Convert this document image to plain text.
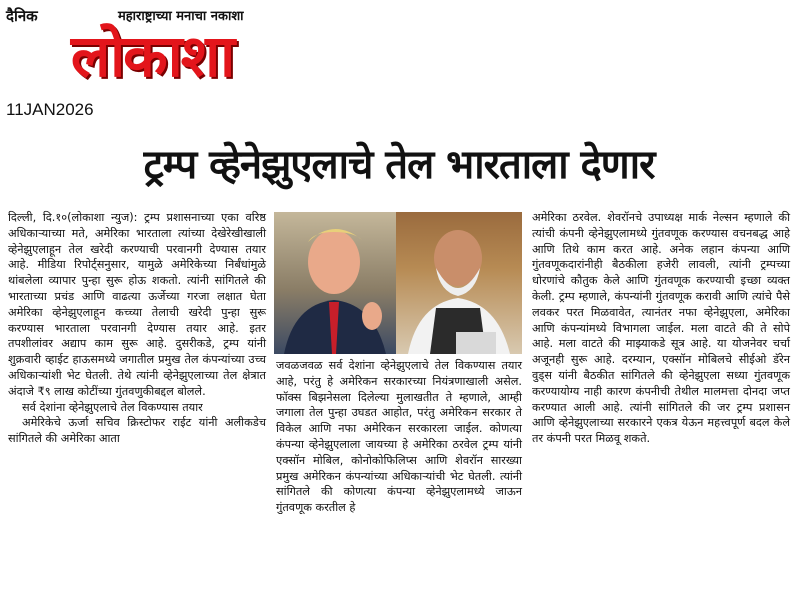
दैनिक	महाराष्ट्राच्या मनाचा नकाशा
लोकाशा
11JAN2026
ट्रम्प व्हेनेझुएलाचे तेल भारताला देणार

दिल्ली, दि.१०(लोकाशा न्युज): ट्रम्प प्रशासनाच्या एका वरिष्ठ अधिकाऱ्याच्या मते, अमेरिका भारताला त्यांच्या देखेरेखीखाली व्हेनेझुएलाहून तेल खरेदी करण्याची परवानगी देण्यास तयार आहे. मीडिया रिपोर्ट्सनुसार, यामुळे अमेरिकेच्या निर्बंधांमुळे थांबलेला व्यापार पुन्हा सुरू होऊ शकतो. त्यांनी सांगितले की भारताच्या प्रचंड आणि वाढत्या ऊर्जेच्या गरजा लक्षात घेता अमेरिका व्हेनेझुएलाहून कच्च्या तेलाची खरेदी पुन्हा सुरू करण्यास भारताला परवानगी देण्यास तयार आहे. इतर तपशीलांवर अद्याप काम सुरू आहे. दुसरीकडे, ट्रम्प यांनी शुक्रवारी व्हाईट हाऊसमध्ये जगातील प्रमुख तेल कंपन्यांच्या उच्च अधिकाऱ्यांशी भेट घेतली. तेथे त्यांनी व्हेनेझुएलाच्या तेल क्षेत्रात अंदाजे ₹९ लाख कोटींच्या गुंतवणुकीबद्दल बोलले.

सर्व देशांना व्हेनेझुएलाचे तेल विकण्यास तयार

अमेरिकेचे ऊर्जा सचिव क्रिस्टोफर राईट यांनी अलीकडेच सांगितले की अमेरिका आता

जवळजवळ सर्व देशांना व्हेनेझुएलाचे तेल विकण्यास तयार आहे, परंतु हे अमेरिकन सरकारच्या नियंत्रणाखाली असेल. फॉक्स बिझनेसला दिलेल्या मुलाखतीत ते म्हणाले, आम्ही जगाला तेल पुन्हा उघडत आहोत, परंतु अमेरिकन सरकार ते विकेल आणि नफा अमेरिकन सरकारला जाईल. कोणत्या कंपन्या व्हेनेझुएलाला जायच्या हे अमेरिका ठरवेल ट्रम्प यांनी एक्सॉन मोबिल, कोनोकोफिलिप्स आणि शेवरॉन सारख्या प्रमुख अमेरिकन कंपन्यांच्या अधिकाऱ्यांची भेट घेतली. त्यांनी सांगितले की कोणत्या कंपन्या व्हेनेझुएलामध्ये जाऊन गुंतवणूक करतील हे

अमेरिका ठरवेल. शेवरॉनचे उपाध्यक्ष मार्क नेल्सन म्हणाले की त्यांची कंपनी व्हेनेझुएलामध्ये गुंतवणूक करण्यास वचनबद्ध आहे आणि तिथे काम करत आहे. अनेक लहान कंपन्या आणि गुंतवणूकदारांनीही बैठकीला हजेरी लावली, त्यांनी ट्रम्पच्या धोरणांचे कौतुक केले आणि गुंतवणूक करण्याची इच्छा व्यक्त केली. ट्रम्प म्हणाले, कंपन्यांनी गुंतवणूक करावी आणि त्यांचे पैसे लवकर परत मिळवावेत, त्यानंतर नफा व्हेनेझुएला, अमेरिका आणि कंपन्यांमध्ये विभागला जाईल. मला वाटते की ते सोपे आहे. मला वाटते की माझ्याकडे सूत्र आहे. या योजनेवर चर्चा अजूनही सुरू आहे. दरम्यान, एक्सॉन मोबिलचे सीईओ डॅरेन वुड्स यांनी बैठकीत सांगितले की व्हेनेझुएला सध्या गुंतवणूक करण्यायोग्य नाही कारण कंपनीची तेथील मालमत्ता दोनदा जप्त करण्यात आली आहे. त्यांनी सांगितले की जर ट्रम्प प्रशासन आणि व्हेनेझुएलाच्या सरकारने एकत्र येऊन महत्त्वपूर्ण बदल केले तर कंपनी परत मिळवू शकते.
